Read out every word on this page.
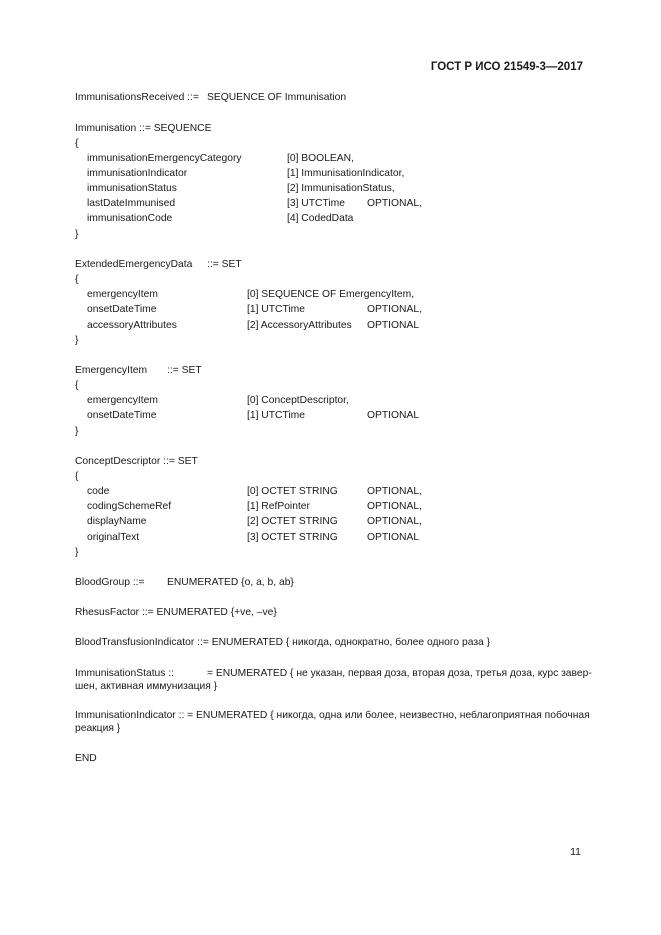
ГОСТ Р ИСО 21549-3—2017
ImmunisationsReceived ::= SEQUENCE OF Immunisation
Immunisation ::= SEQUENCE
{
immunisationEmergencyCategory	[0] BOOLEAN,
immunisationIndicator	[1] ImmunisationIndicator,
immunisationStatus	[2] ImmunisationStatus,
lastDateImmunised	[3] UTCTime OPTIONAL,
immunisationCode	[4] CodedData
}
ExtendedEmergencyData ::= SET
{
emergencyItem	[0] SEQUENCE OF EmergencyItem,
onsetDateTime	[1] UTCTime	OPTIONAL,
accessoryAttributes	[2] AccessoryAttributes OPTIONAL
}
EmergencyItem ::= SET
{
emergencyItem	[0] ConceptDescriptor,
onsetDateTime	[1] UTCTime	OPTIONAL
}
ConceptDescriptor ::= SET
{
code	[0] OCTET STRING	OPTIONAL,
codingSchemeRef	[1] RefPointer	OPTIONAL,
displayName	[2] OCTET STRING	OPTIONAL,
originalText	[3] OCTET STRING	OPTIONAL
}
BloodGroup ::= ENUMERATED {o, a, b, ab}
RhesusFactor ::= ENUMERATED {+ve, –ve}
BloodTransfusionIndicator ::= ENUMERATED { никогда, однократно, более одного раза }
ImmunisationStatus ::	= ENUMERATED { не указан, первая доза, вторая доза, третья доза, курс завер-
шен, активная иммунизация }
ImmunisationIndicator :: = ENUMERATED { никогда, одна или более, неизвестно, неблагоприятная побочная
реакция }
END
11
